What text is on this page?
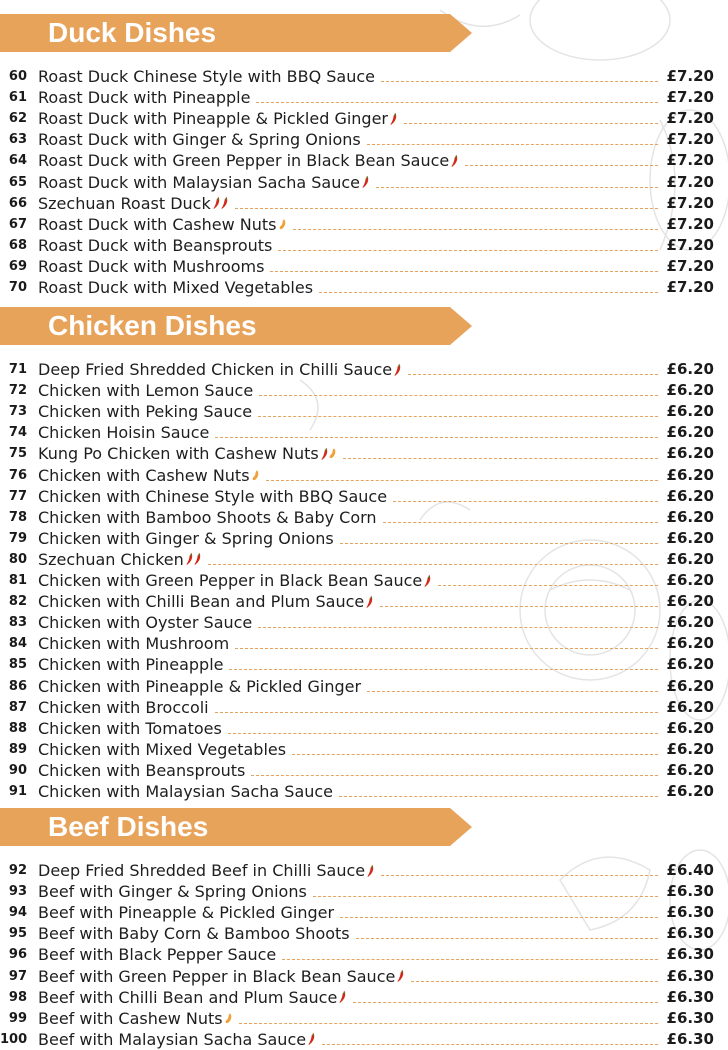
Duck Dishes
60 Roast Duck Chinese Style with BBQ Sauce	£7.20
61 Roast Duck with Pineapple	£7.20
62 Roast Duck with Pineapple & Pickled Ginger	£7.20
63 Roast Duck with Ginger & Spring Onions	£7.20
64 Roast Duck with Green Pepper in Black Bean Sauce	£7.20
65 Roast Duck with Malaysian Sacha Sauce	£7.20
66 Szechuan Roast Duck	£7.20
67 Roast Duck with Cashew Nuts	£7.20
68 Roast Duck with Beansprouts	£7.20
69 Roast Duck with Mushrooms	£7.20
70 Roast Duck with Mixed Vegetables	£7.20
Chicken Dishes
71 Deep Fried Shredded Chicken in Chilli Sauce	£6.20
72 Chicken with Lemon Sauce	£6.20
73 Chicken with Peking Sauce	£6.20
74 Chicken Hoisin Sauce	£6.20
75 Kung Po Chicken with Cashew Nuts	£6.20
76 Chicken with Cashew Nuts	£6.20
77 Chicken with Chinese Style with BBQ Sauce	£6.20
78 Chicken with Bamboo Shoots & Baby Corn	£6.20
79 Chicken with Ginger & Spring Onions	£6.20
80 Szechuan Chicken	£6.20
81 Chicken with Green Pepper in Black Bean Sauce	£6.20
82 Chicken with Chilli Bean and Plum Sauce	£6.20
83 Chicken with Oyster Sauce	£6.20
84 Chicken with Mushroom	£6.20
85 Chicken with Pineapple	£6.20
86 Chicken with Pineapple & Pickled Ginger	£6.20
87 Chicken with Broccoli	£6.20
88 Chicken with Tomatoes	£6.20
89 Chicken with Mixed Vegetables	£6.20
90 Chicken with Beansprouts	£6.20
91 Chicken with Malaysian Sacha Sauce	£6.20
Beef Dishes
92 Deep Fried Shredded Beef in Chilli Sauce	£6.40
93 Beef with Ginger & Spring Onions	£6.30
94 Beef with Pineapple & Pickled Ginger	£6.30
95 Beef with Baby Corn & Bamboo Shoots	£6.30
96 Beef with Black Pepper Sauce	£6.30
97 Beef with Green Pepper in Black Bean Sauce	£6.30
98 Beef with Chilli Bean and Plum Sauce	£6.30
99 Beef with Cashew Nuts	£6.30
100 Beef with Malaysian Sacha Sauce	£6.30
